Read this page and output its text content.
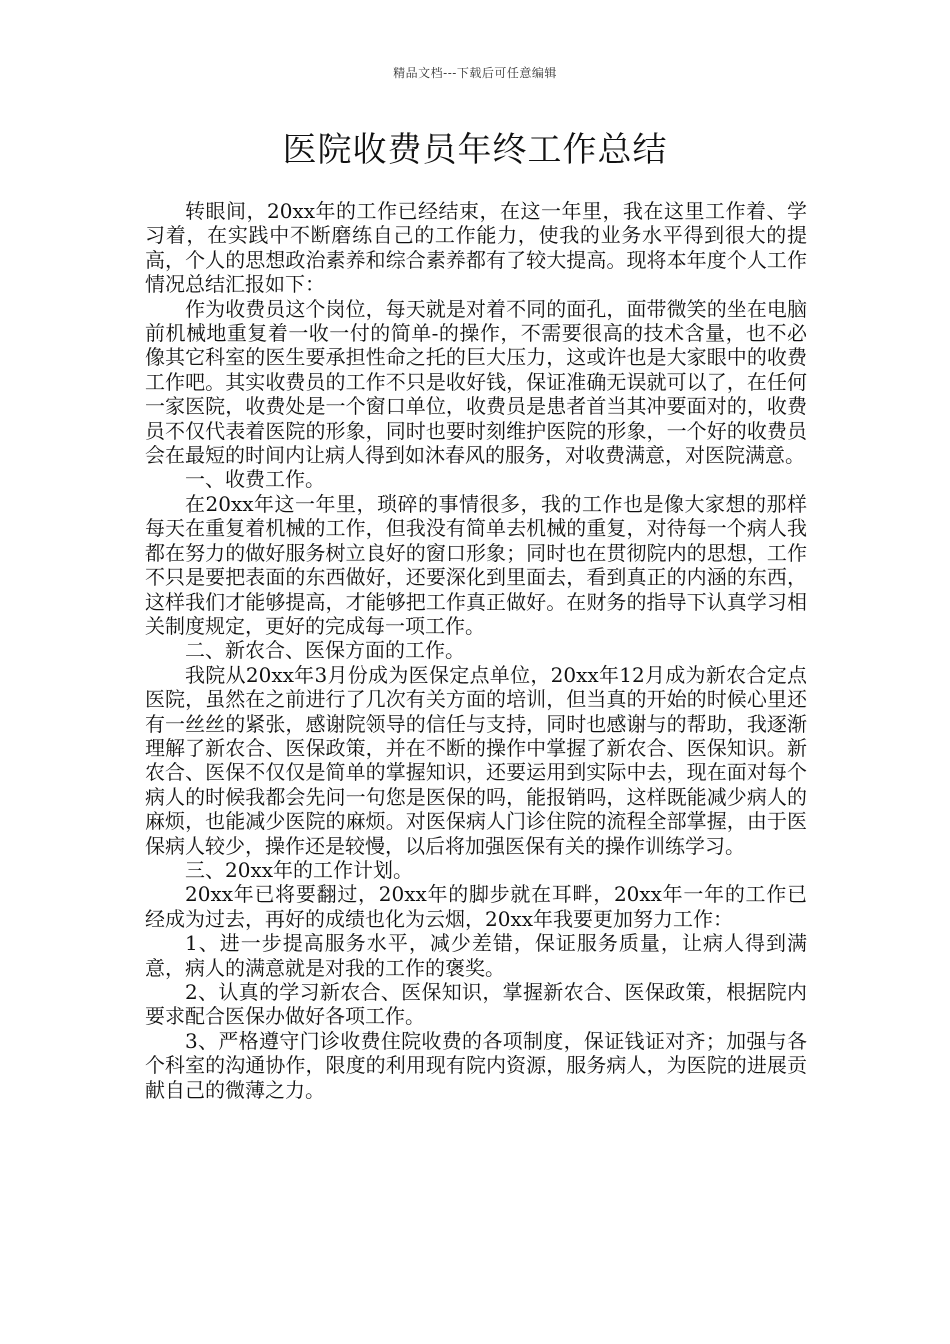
精品文档---下载后可任意编辑
医院收费员年终工作总结

转眼间，20xx年的工作已经结束，在这一年里，我在这里工作着、学习着，在实践中不断磨练自己的工作能力，使我的业务水平得到很大的提高，个人的思想政治素养和综合素养都有了较大提高。现将本年度个人工作情况总结汇报如下：

作为收费员这个岗位，每天就是对着不同的面孔，面带微笑的坐在电脑前机械地重复着一收一付的简单-的操作，不需要很高的技术含量，也不必像其它科室的医生要承担性命之托的巨大压力，这或许也是大家眼中的收费工作吧。其实收费员的工作不只是收好钱，保证准确无误就可以了，在任何一家医院，收费处是一个窗口单位，收费员是患者首当其冲要面对的，收费员不仅代表着医院的形象，同时也要时刻维护医院的形象，一个好的收费员会在最短的时间内让病人得到如沐春风的服务，对收费满意，对医院满意。

一、收费工作。

在20xx年这一年里，琐碎的事情很多，我的工作也是像大家想的那样每天在重复着机械的工作，但我没有简单去机械的重复，对待每一个病人我都在努力的做好服务树立良好的窗口形象；同时也在贯彻院内的思想，工作不只是要把表面的东西做好，还要深化到里面去，看到真正的内涵的东西，这样我们才能够提高，才能够把工作真正做好。在财务的指导下认真学习相关制度规定，更好的完成每一项工作。

二、新农合、医保方面的工作。

我院从20xx年3月份成为医保定点单位，20xx年12月成为新农合定点医院，虽然在之前进行了几次有关方面的培训，但当真的开始的时候心里还有一丝丝的紧张，感谢院领导的信任与支持，同时也感谢与的帮助，我逐渐理解了新农合、医保政策，并在不断的操作中掌握了新农合、医保知识。新农合、医保不仅仅是简单的掌握知识，还要运用到实际中去，现在面对每个病人的时候我都会先问一句您是医保的吗，能报销吗，这样既能减少病人的麻烦，也能减少医院的麻烦。对医保病人门诊住院的流程全部掌握，由于医保病人较少，操作还是较慢，以后将加强医保有关的操作训练学习。

三、20xx年的工作计划。

20xx年已将要翻过，20xx年的脚步就在耳畔，20xx年一年的工作已经成为过去，再好的成绩也化为云烟，20xx年我要更加努力工作：

1、进一步提高服务水平，减少差错，保证服务质量，让病人得到满意，病人的满意就是对我的工作的褒奖。

2、认真的学习新农合、医保知识，掌握新农合、医保政策，根据院内要求配合医保办做好各项工作。

3、严格遵守门诊收费住院收费的各项制度，保证钱证对齐；加强与各个科室的沟通协作，限度的利用现有院内资源，服务病人，为医院的进展贡献自己的微薄之力。
